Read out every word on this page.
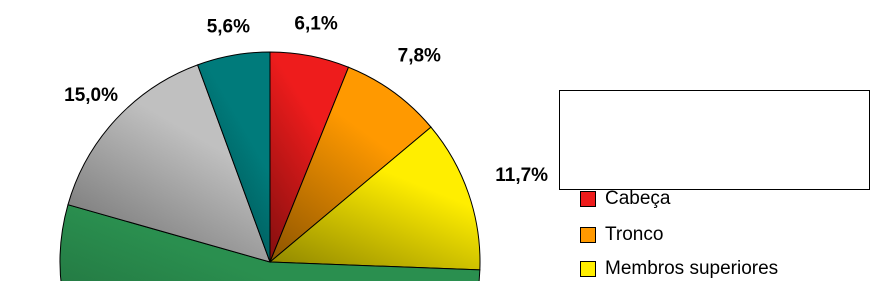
6,1%
7,8%
11,7%
15,0%
5,6%
Cabeça
Tronco
Membros superiores
